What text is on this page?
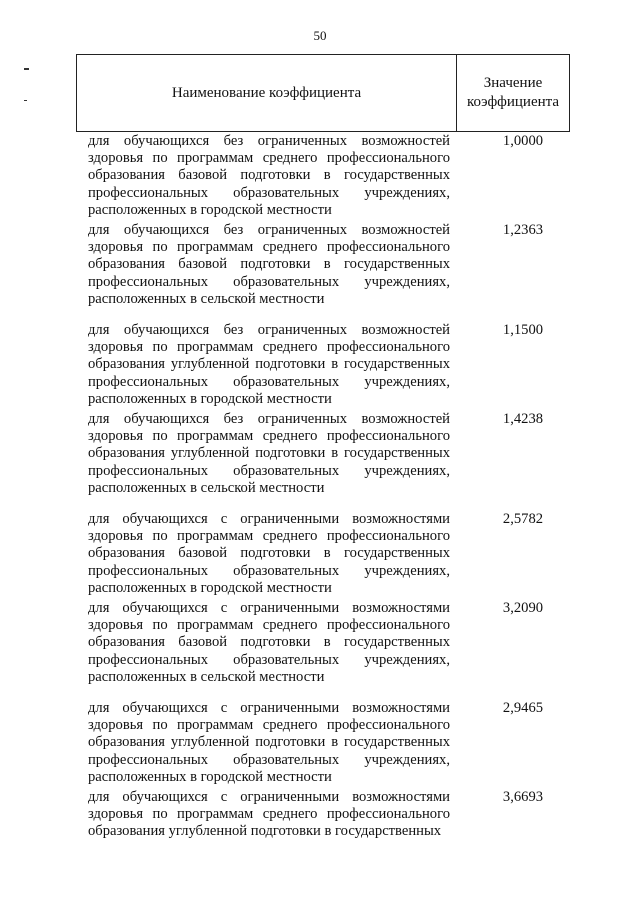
50
Наименование коэффициента
Значение коэффициента
для обучающихся без ограниченных возможностей здоровья по программам среднего профессионального образования базовой подготовки в государственных профессиональных образовательных учреждениях, расположенных в городской местности
1,0000
для обучающихся без ограниченных возможностей здоровья по программам среднего профессионального образования базовой подготовки в государственных профессиональных образовательных учреждениях, расположенных в сельской местности
1,2363
для обучающихся без ограниченных возможностей здоровья по программам среднего профессионального образования углубленной подготовки в государственных профессиональных образовательных учреждениях, расположенных в городской местности
1,1500
для обучающихся без ограниченных возможностей здоровья по программам среднего профессионального образования углубленной подготовки в государственных профессиональных образовательных учреждениях, расположенных в сельской местности
1,4238
для обучающихся с ограниченными возможностями здоровья по программам среднего профессионального образования базовой подготовки в государственных профессиональных образовательных учреждениях, расположенных в городской местности
2,5782
для обучающихся с ограниченными возможностями здоровья по программам среднего профессионального образования базовой подготовки в государственных профессиональных образовательных учреждениях, расположенных в сельской местности
3,2090
для обучающихся с ограниченными возможностями здоровья по программам среднего профессионального образования углубленной подготовки в государственных профессиональных образовательных учреждениях, расположенных в городской местности
2,9465
для обучающихся с ограниченными возможностями здоровья по программам среднего профессионального образования углубленной подготовки в государственных
3,6693
